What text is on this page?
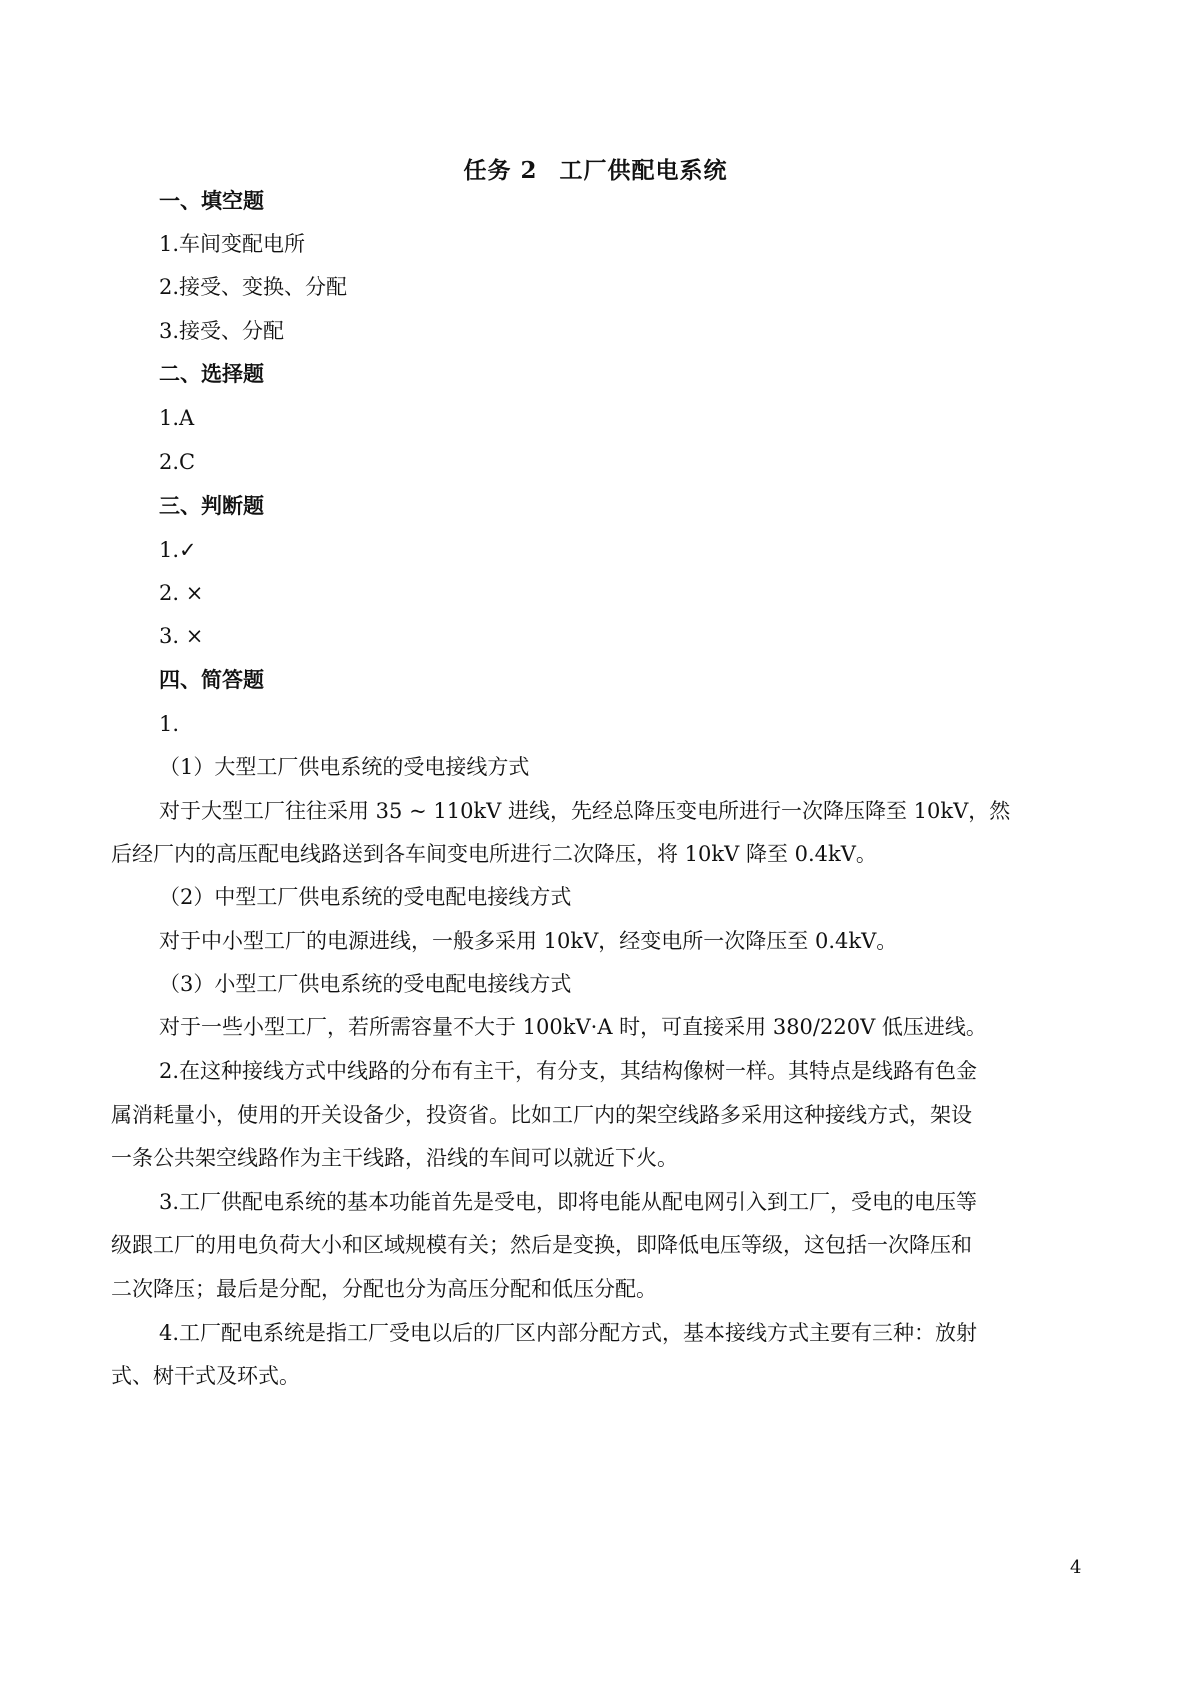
任务 2 工厂供配电系统
一、填空题
1.车间变配电所
2.接受、变换、分配
3.接受、分配
二、选择题
1.A
2.C
三、判断题
1.✓
2. ×
3. ×
四、简答题
1.
（1）大型工厂供电系统的受电接线方式
对于大型工厂往往采用 35 ~ 110kV 进线，先经总降压变电所进行一次降压降至 10kV，然
后经厂内的高压配电线路送到各车间变电所进行二次降压，将 10kV 降至 0.4kV。
（2）中型工厂供电系统的受电配电接线方式
对于中小型工厂的电源进线，一般多采用 10kV，经变电所一次降压至 0.4kV。
（3）小型工厂供电系统的受电配电接线方式
对于一些小型工厂，若所需容量不大于 100kV·A 时，可直接采用 380/220V 低压进线。
2.在这种接线方式中线路的分布有主干，有分支，其结构像树一样。其特点是线路有色金
属消耗量小，使用的开关设备少，投资省。比如工厂内的架空线路多采用这种接线方式，架设
一条公共架空线路作为主干线路，沿线的车间可以就近下火。
3.工厂供配电系统的基本功能首先是受电，即将电能从配电网引入到工厂，受电的电压等
级跟工厂的用电负荷大小和区域规模有关；然后是变换，即降低电压等级，这包括一次降压和
二次降压；最后是分配，分配也分为高压分配和低压分配。
4.工厂配电系统是指工厂受电以后的厂区内部分配方式，基本接线方式主要有三种：放射
式、树干式及环式。
4
